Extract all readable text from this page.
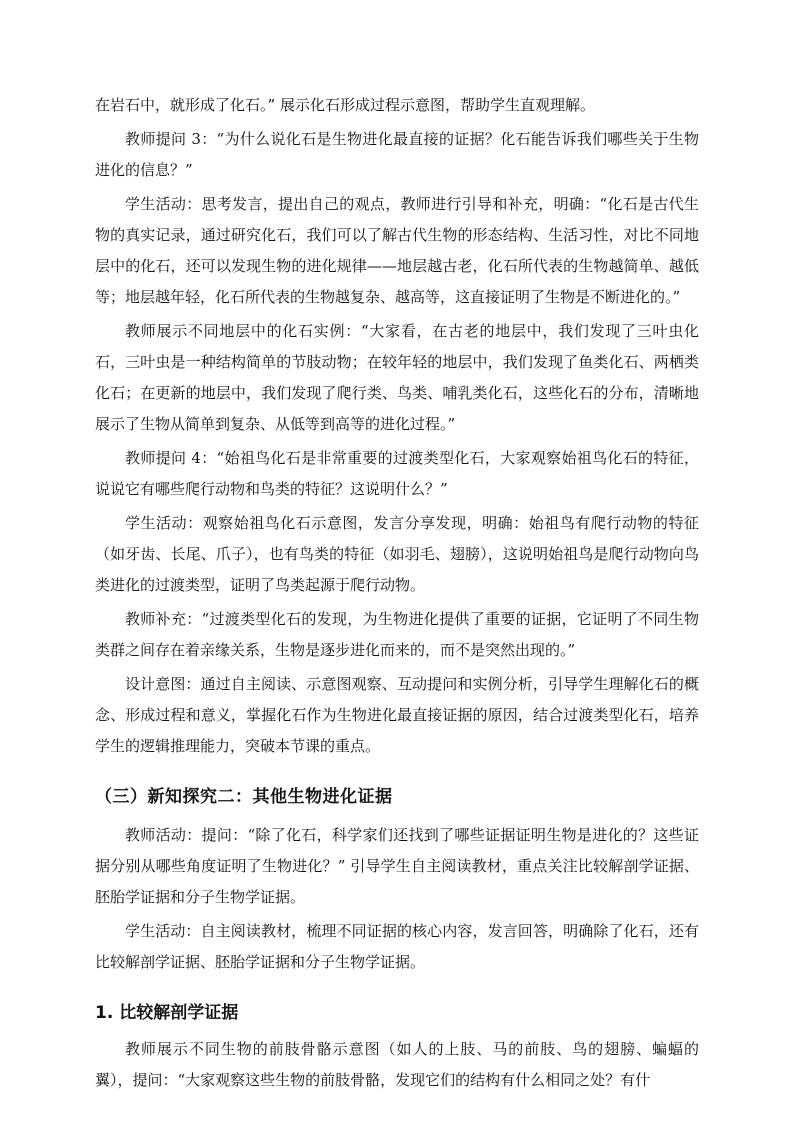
在岩石中，就形成了化石。” 展示化石形成过程示意图，帮助学生直观理解。

教师提问 3：“为什么说化石是生物进化最直接的证据？化石能告诉我们哪些关于生物进化的信息？”

学生活动：思考发言，提出自己的观点，教师进行引导和补充，明确：“化石是古代生物的真实记录，通过研究化石，我们可以了解古代生物的形态结构、生活习性，对比不同地层中的化石，还可以发现生物的进化规律——地层越古老，化石所代表的生物越简单、越低等；地层越年轻，化石所代表的生物越复杂、越高等，这直接证明了生物是不断进化的。”

教师展示不同地层中的化石实例：“大家看，在古老的地层中，我们发现了三叶虫化石，三叶虫是一种结构简单的节肢动物；在较年轻的地层中，我们发现了鱼类化石、两栖类化石；在更新的地层中，我们发现了爬行类、鸟类、哺乳类化石，这些化石的分布，清晰地展示了生物从简单到复杂、从低等到高等的进化过程。”

教师提问 4：“始祖鸟化石是非常重要的过渡类型化石，大家观察始祖鸟化石的特征，说说它有哪些爬行动物和鸟类的特征？这说明什么？”

学生活动：观察始祖鸟化石示意图，发言分享发现，明确：始祖鸟有爬行动物的特征（如牙齿、长尾、爪子），也有鸟类的特征（如羽毛、翅膀），这说明始祖鸟是爬行动物向鸟类进化的过渡类型，证明了鸟类起源于爬行动物。

教师补充：“过渡类型化石的发现，为生物进化提供了重要的证据，它证明了不同生物类群之间存在着亲缘关系，生物是逐步进化而来的，而不是突然出现的。”

设计意图：通过自主阅读、示意图观察、互动提问和实例分析，引导学生理解化石的概念、形成过程和意义，掌握化石作为生物进化最直接证据的原因，结合过渡类型化石，培养学生的逻辑推理能力，突破本节课的重点。

（三）新知探究二：其他生物进化证据

教师活动：提问：“除了化石，科学家们还找到了哪些证据证明生物是进化的？这些证据分别从哪些角度证明了生物进化？” 引导学生自主阅读教材，重点关注比较解剖学证据、胚胎学证据和分子生物学证据。

学生活动：自主阅读教材，梳理不同证据的核心内容，发言回答，明确除了化石，还有比较解剖学证据、胚胎学证据和分子生物学证据。

1. 比较解剖学证据

教师展示不同生物的前肢骨骼示意图（如人的上肢、马的前肢、鸟的翅膀、蝙蝠的翼），提问：“大家观察这些生物的前肢骨骼，发现它们的结构有什么相同之处？有什
